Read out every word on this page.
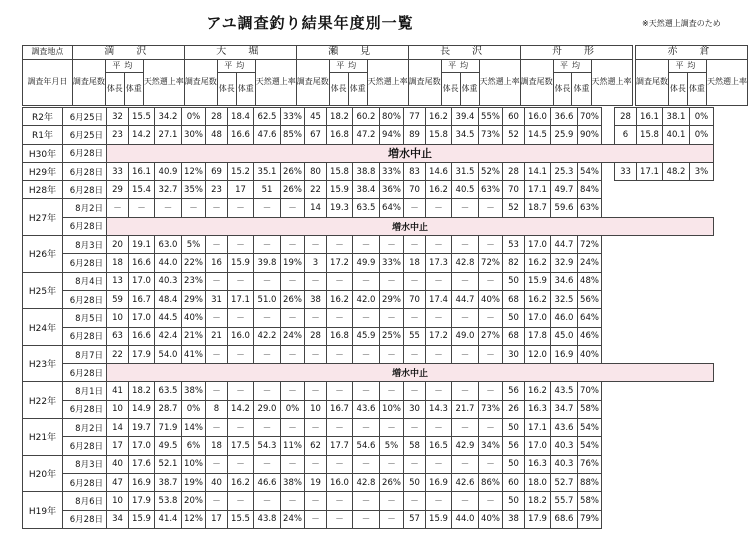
アユ調査釣り結果年度別一覧	※天然遡上調査のため
調査地点	満　沢				大　堀				瀬　見				長　沢				舟　形					赤　倉			
調査年月日	調査尾数	平均		天然遡上率	調査尾数	平均		天然遡上率	調査尾数	平均		天然遡上率	調査尾数	平均		天然遡上率	調査尾数	平均		天然遡上率		調査尾数	平均		天然遡上率
		体長	体重			体長	体重			体長	体重			体長	体重			体長	体重				体長	体重	
R2年	6月25日	32	15.5	34.2	0%	28	18.4	62.5	33%	45	18.2	60.2	80%	77	16.2	39.4	55%	60	16.0	36.6	70%		28	16.1	38.1	0%
R1年	6月25日	23	14.2	27.1	30%	48	16.6	47.6	85%	67	16.8	47.2	94%	89	15.8	34.5	73%	52	14.5	25.9	90%		6	15.8	40.1	0%
H30年	6月28日	増水中止																								
H29年	6月28日	33	16.1	40.9	12%	69	15.2	35.1	26%	80	15.8	38.8	33%	83	14.6	31.5	52%	28	14.1	25.3	54%		33	17.1	48.2	3%
H28年	6月28日	29	15.4	32.7	35%	23	17	51	26%	22	15.9	38.4	36%	70	16.2	40.5	63%	70	17.1	49.7	84%					
H27年	8月2日	－	－	－	－	－	－	－	－	14	19.3	63.5	64%	－	－	－	－	52	18.7	59.6	63%					
	6月28日	増水中止																								
H26年	8月3日	20	19.1	63.0	5%	－	－	－	－	－	－	－	－	－	－	－	－	53	17.0	44.7	72%					
	6月28日	18	16.6	44.0	22%	16	15.9	39.8	19%	3	17.2	49.9	33%	18	17.3	42.8	72%	82	16.2	32.9	24%					
H25年	8月4日	13	17.0	40.3	23%	－	－	－	－	－	－	－	－	－	－	－	－	50	15.9	34.6	48%					
	6月28日	59	16.7	48.4	29%	31	17.1	51.0	26%	38	16.2	42.0	29%	70	17.4	44.7	40%	68	16.2	32.5	56%					
H24年	8月5日	10	17.0	44.5	40%	－	－	－	－	－	－	－	－	－	－	－	－	50	17.0	46.0	64%					
	6月28日	63	16.6	42.4	21%	21	16.0	42.2	24%	28	16.8	45.9	25%	55	17.2	49.0	27%	68	17.8	45.0	46%					
H23年	8月7日	22	17.9	54.0	41%	－	－	－	－	－	－	－	－	－	－	－	－	30	12.0	16.9	40%					
	6月28日	増水中止																								
H22年	8月1日	41	18.2	63.5	38%	－	－	－	－	－	－	－	－	－	－	－	－	56	16.2	43.5	70%					
	6月28日	10	14.9	28.7	0%	8	14.2	29.0	0%	10	16.7	43.6	10%	30	14.3	21.7	73%	26	16.3	34.7	58%					
H21年	8月2日	14	19.7	71.9	14%	－	－	－	－	－	－	－	－	－	－	－	－	50	17.1	43.6	54%					
	6月28日	17	17.0	49.5	6%	18	17.5	54.3	11%	62	17.7	54.6	5%	58	16.5	42.9	34%	56	17.0	40.3	54%					
H20年	8月3日	40	17.6	52.1	10%	－	－	－	－	－	－	－	－	－	－	－	－	50	16.3	40.3	76%					
	6月28日	47	16.9	38.7	19%	40	16.2	46.6	38%	19	16.0	42.8	26%	50	16.9	42.6	86%	60	18.0	52.7	88%					
H19年	8月6日	10	17.9	53.8	20%	－	－	－	－	－	－	－	－	－	－	－	－	50	18.2	55.7	58%					
	6月28日	34	15.9	41.4	12%	17	15.5	43.8	24%	－	－	－	－	57	15.9	44.0	40%	38	17.9	68.6	79%					
